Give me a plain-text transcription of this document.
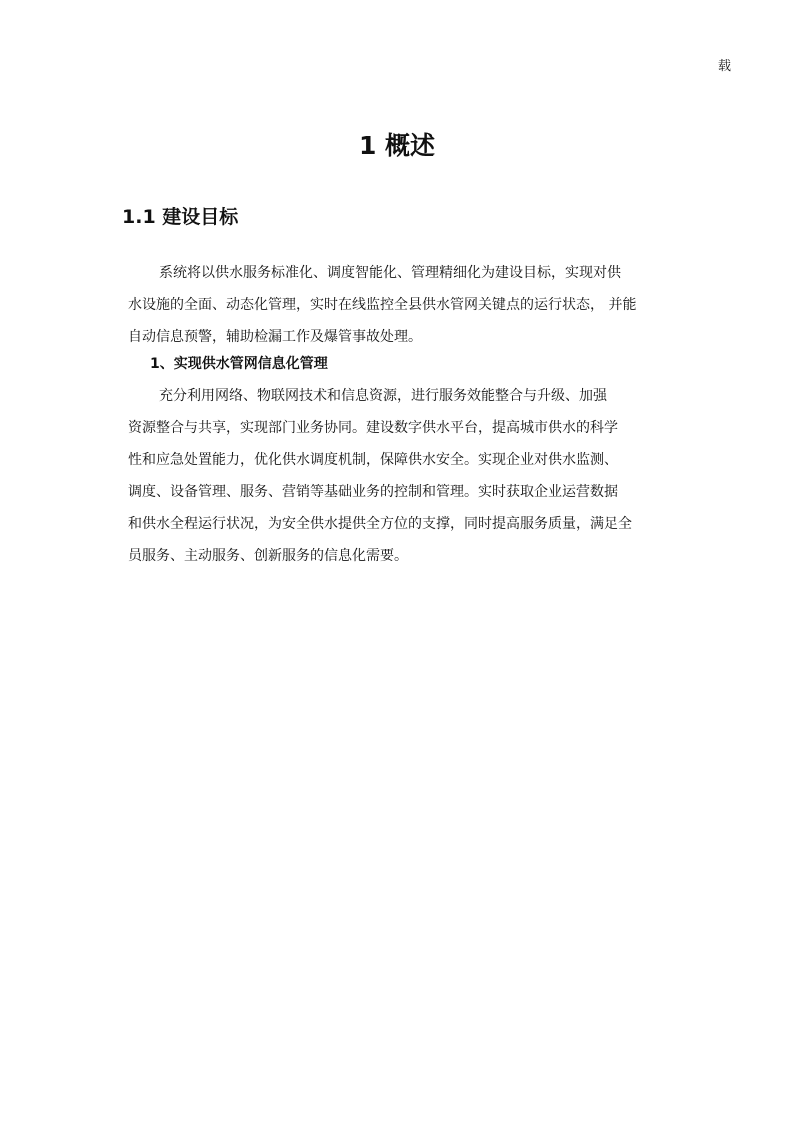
载
1 概述
1.1 建设目标
系统将以供水服务标准化、调度智能化、管理精细化为建设目标，实现对供
水设施的全面、动态化管理，实时在线监控全县供水管网关键点的运行状态， 并能
自动信息预警，辅助检漏工作及爆管事故处理。
1、实现供水管网信息化管理
充分利用网络、物联网技术和信息资源，进行服务效能整合与升级、加强
资源整合与共享，实现部门业务协同。建设数字供水平台，提高城市供水的科学
性和应急处置能力，优化供水调度机制，保障供水安全。实现企业对供水监测、
调度、设备管理、服务、营销等基础业务的控制和管理。实时获取企业运营数据
和供水全程运行状况，为安全供水提供全方位的支撑，同时提高服务质量，满足全
员服务、主动服务、创新服务的信息化需要。
